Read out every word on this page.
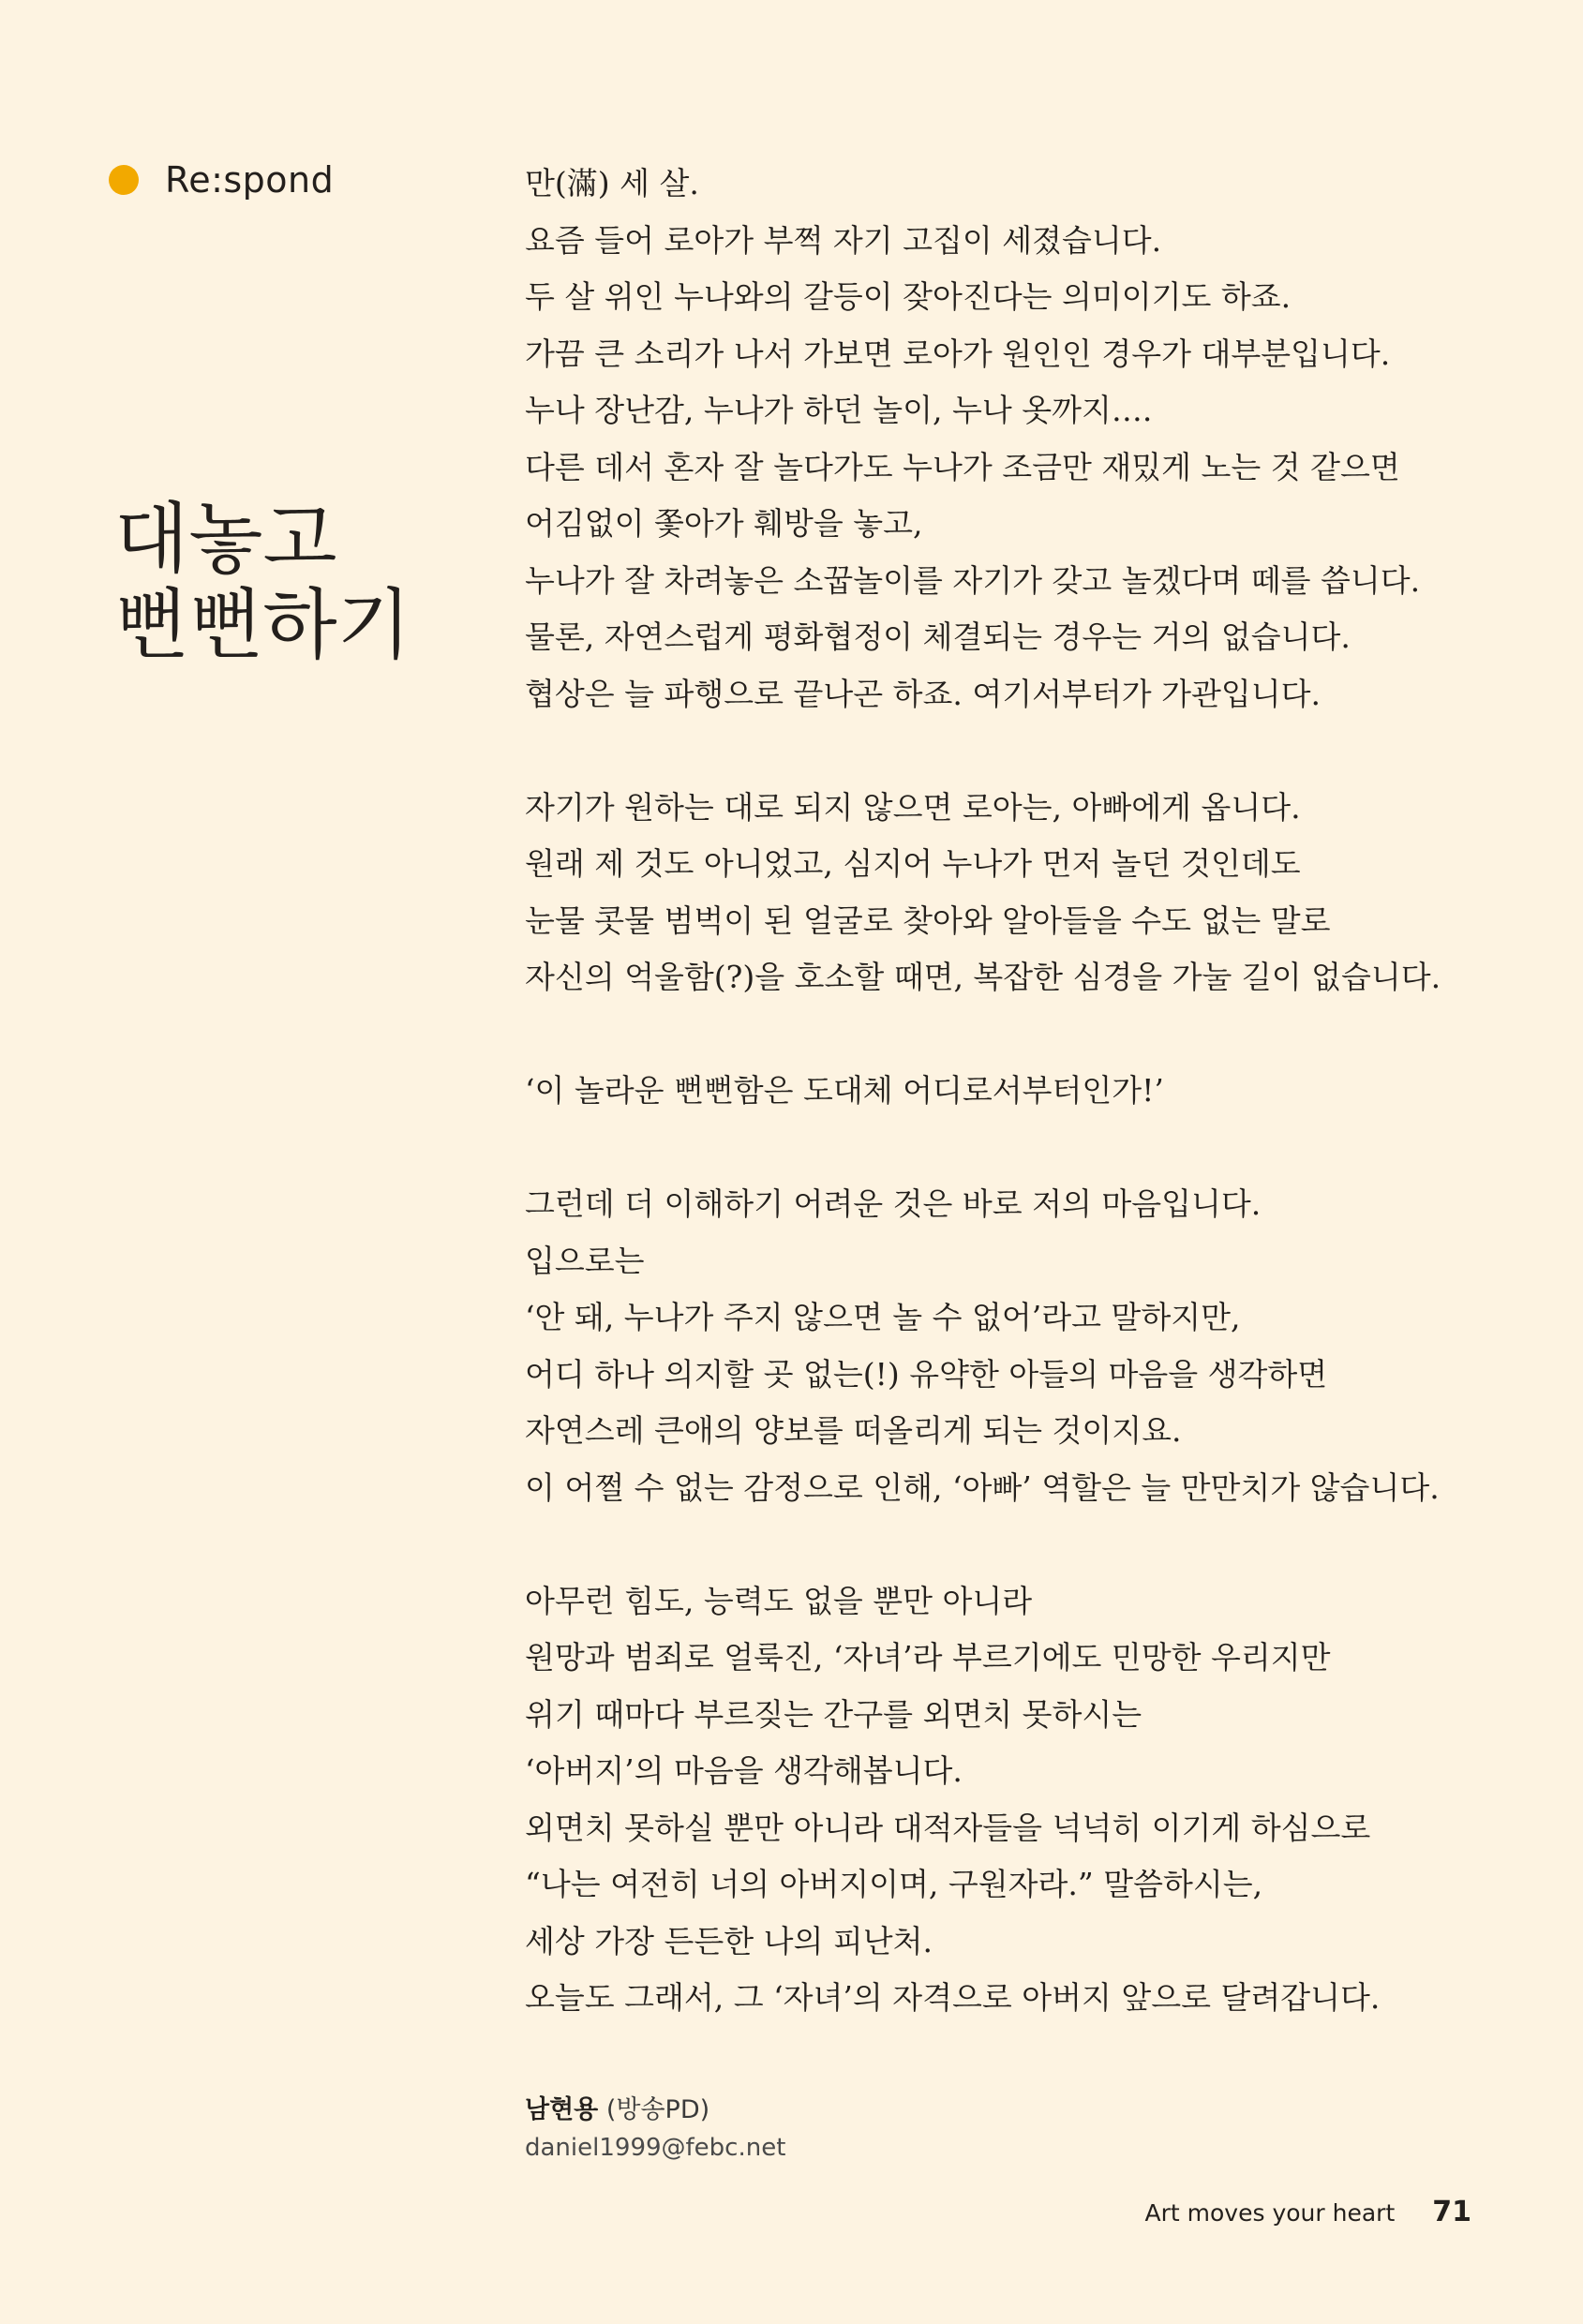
Re:spond
대놓고
뻔뻔하기

만(滿) 세 살.
요즘 들어 로아가 부쩍 자기 고집이 세졌습니다.
두 살 위인 누나와의 갈등이 잦아진다는 의미이기도 하죠.
가끔 큰 소리가 나서 가보면 로아가 원인인 경우가 대부분입니다.
누나 장난감, 누나가 하던 놀이, 누나 옷까지….
다른 데서 혼자 잘 놀다가도 누나가 조금만 재밌게 노는 것 같으면
어김없이 쫓아가 훼방을 놓고,
누나가 잘 차려놓은 소꿉놀이를 자기가 갖고 놀겠다며 떼를 씁니다.
물론, 자연스럽게 평화협정이 체결되는 경우는 거의 없습니다.
협상은 늘 파행으로 끝나곤 하죠. 여기서부터가 가관입니다.

자기가 원하는 대로 되지 않으면 로아는, 아빠에게 옵니다.
원래 제 것도 아니었고, 심지어 누나가 먼저 놀던 것인데도
눈물 콧물 범벅이 된 얼굴로 찾아와 알아들을 수도 없는 말로
자신의 억울함(?)을 호소할 때면, 복잡한 심경을 가눌 길이 없습니다.

‘이 놀라운 뻔뻔함은 도대체 어디로서부터인가!’

그런데 더 이해하기 어려운 것은 바로 저의 마음입니다.
입으로는
‘안 돼, 누나가 주지 않으면 놀 수 없어’라고 말하지만,
어디 하나 의지할 곳 없는(!) 유약한 아들의 마음을 생각하면
자연스레 큰애의 양보를 떠올리게 되는 것이지요.
이 어쩔 수 없는 감정으로 인해, ‘아빠’ 역할은 늘 만만치가 않습니다.

아무런 힘도, 능력도 없을 뿐만 아니라
원망과 범죄로 얼룩진, ‘자녀’라 부르기에도 민망한 우리지만
위기 때마다 부르짖는 간구를 외면치 못하시는
‘아버지’의 마음을 생각해봅니다.
외면치 못하실 뿐만 아니라 대적자들을 넉넉히 이기게 하심으로
“나는 여전히 너의 아버지이며, 구원자라.” 말씀하시는,
세상 가장 든든한 나의 피난처.
오늘도 그래서, 그 ‘자녀’의 자격으로 아버지 앞으로 달려갑니다.

남현용 (방송PD)
daniel1999@febc.net
Art moves your heart 71
